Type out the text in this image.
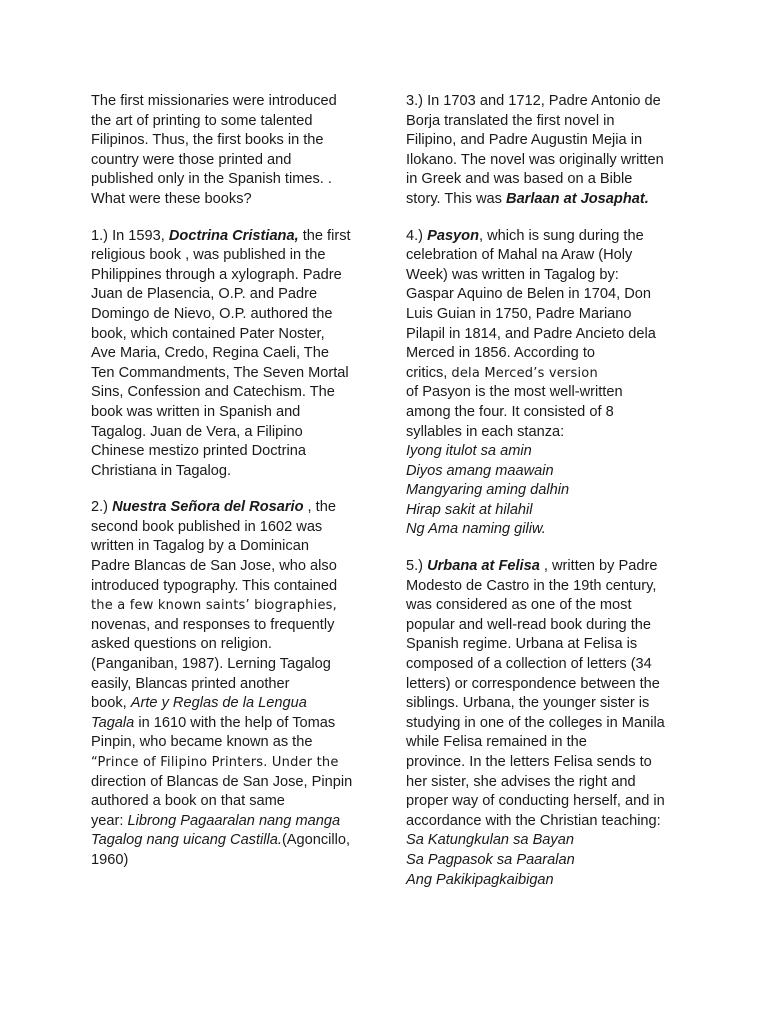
The first missionaries were introduced
the art of printing to some talented
Filipinos. Thus, the first books in the
country were those printed and
published only in the Spanish times. .
What were these books?

1.) In 1593, Doctrina Cristiana, the first
religious book , was published in the
Philippines through a xylograph. Padre
Juan de Plasencia, O.P. and Padre
Domingo de Nievo, O.P. authored the
book, which contained Pater Noster,
Ave Maria, Credo, Regina Caeli, The
Ten Commandments, The Seven Mortal
Sins, Confession and Catechism. The
book was written in Spanish and
Tagalog. Juan de Vera, a Filipino
Chinese mestizo printed Doctrina
Christiana in Tagalog.

2.) Nuestra Señora del Rosario , the
second book published in 1602 was
written in Tagalog by a Dominican
Padre Blancas de San Jose, who also
introduced typography. This contained
the a few known saints’ biographies,
novenas, and responses to frequently
asked questions on religion.
(Panganiban, 1987). Lerning Tagalog
easily, Blancas printed another
book, Arte y Reglas de la Lengua
Tagala in 1610 with the help of Tomas
Pinpin, who became known as the
“Prince of Filipino Printers. Under the
direction of Blancas de San Jose, Pinpin
authored a book on that same
year: Librong Pagaaralan nang manga
Tagalog nang uicang Castilla.(Agoncillo,
1960)

3.) In 1703 and 1712, Padre Antonio de
Borja translated the first novel in
Filipino, and Padre Augustin Mejia in
Ilokano. The novel was originally written
in Greek and was based on a Bible
story. This was Barlaan at Josaphat.

4.) Pasyon, which is sung during the
celebration of Mahal na Araw (Holy
Week) was written in Tagalog by:
Gaspar Aquino de Belen in 1704, Don
Luis Guian in 1750, Padre Mariano
Pilapil in 1814, and Padre Ancieto dela
Merced in 1856. According to
critics, dela Merced’s version
of Pasyon is the most well-written
among the four. It consisted of 8
syllables in each stanza:
Iyong itulot sa amin
Diyos amang maawain
Mangyaring aming dalhin
Hirap sakit at hilahil
Ng Ama naming giliw.

5.) Urbana at Felisa , written by Padre
Modesto de Castro in the 19th century,
was considered as one of the most
popular and well-read book during the
Spanish regime. Urbana at Felisa is
composed of a collection of letters (34
letters) or correspondence between the
siblings. Urbana, the younger sister is
studying in one of the colleges in Manila
while Felisa remained in the
province. In the letters Felisa sends to
her sister, she advises the right and
proper way of conducting herself, and in
accordance with the Christian teaching:
Sa Katungkulan sa Bayan
Sa Pagpasok sa Paaralan
Ang Pakikipagkaibigan
